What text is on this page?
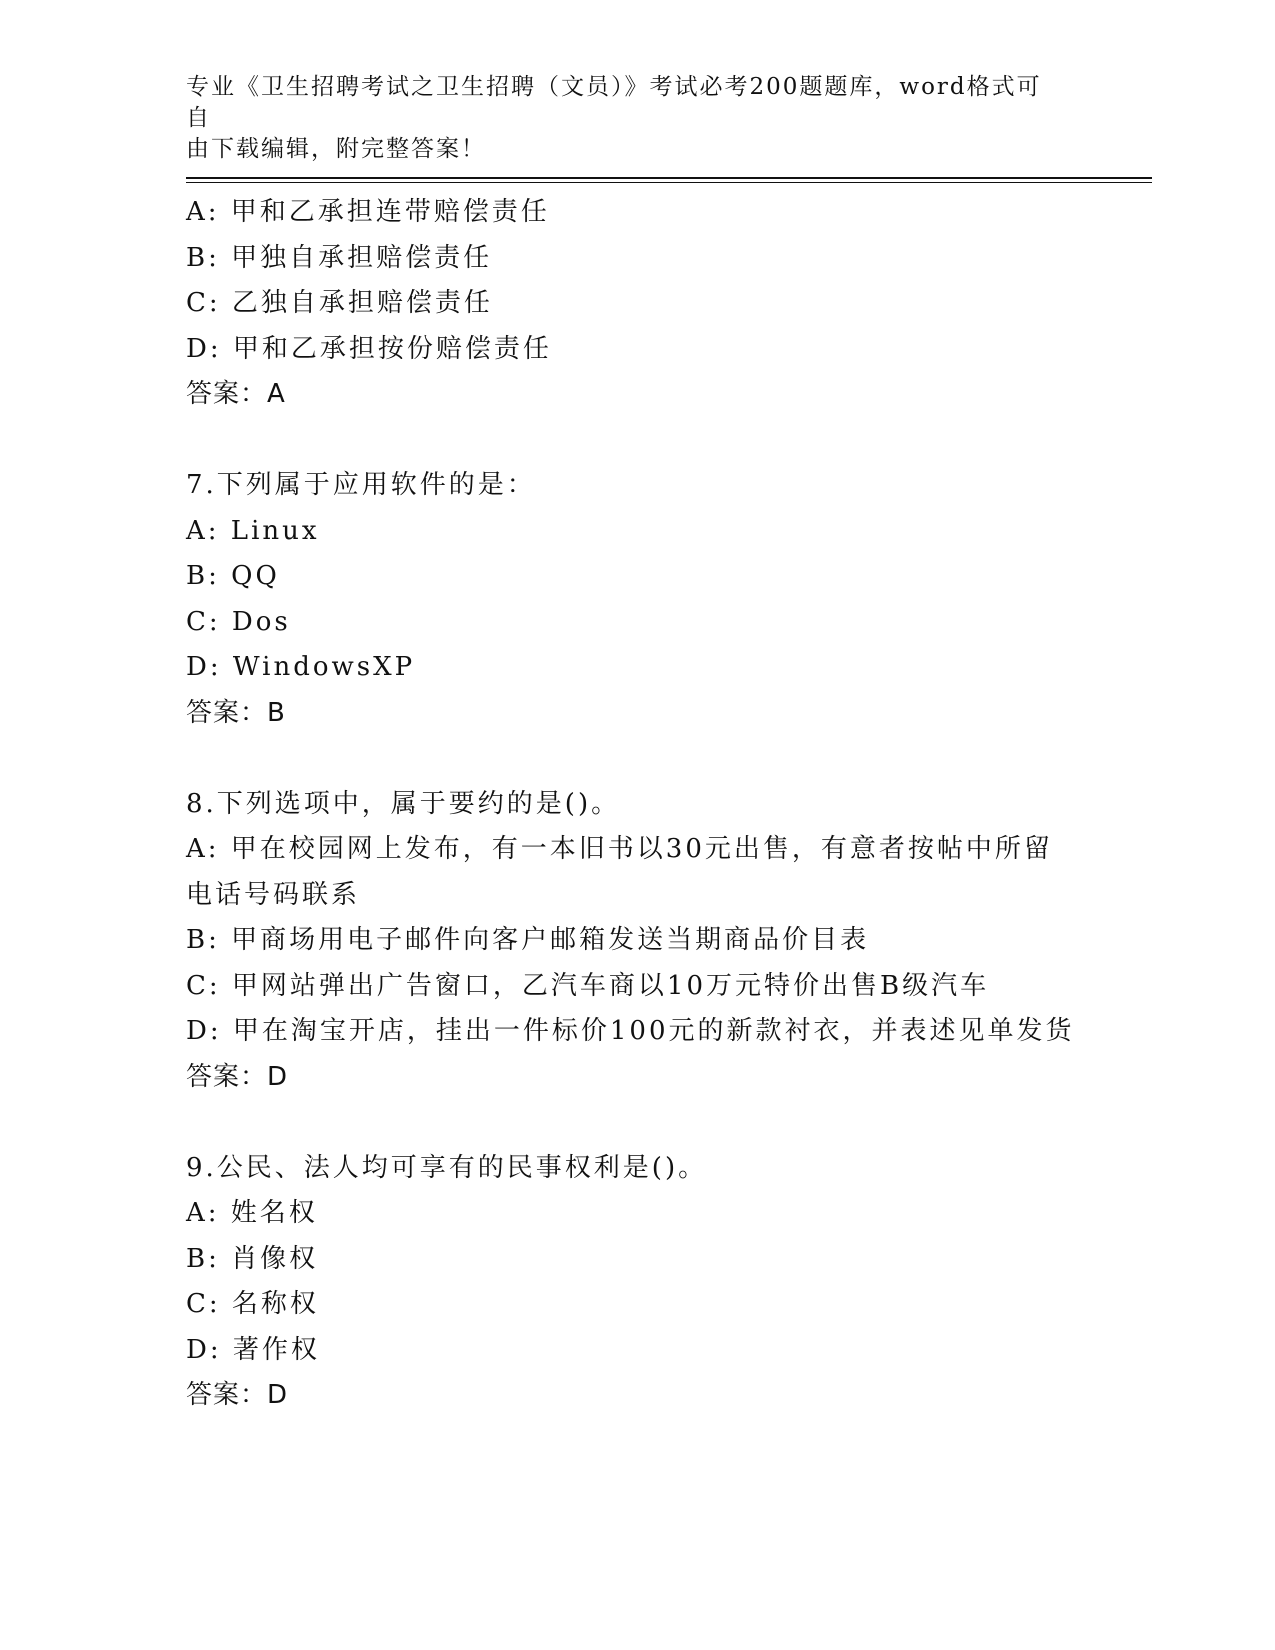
专业《卫生招聘考试之卫生招聘（文员）》考试必考200题题库，word格式可自
由下载编辑，附完整答案！
A: 甲和乙承担连带赔偿责任
B: 甲独自承担赔偿责任
C: 乙独自承担赔偿责任
D: 甲和乙承担按份赔偿责任
答案：A
7.下列属于应用软件的是：
A: Linux
B: QQ
C: Dos
D: WindowsXP
答案：B
8.下列选项中，属于要约的是()。
A: 甲在校园网上发布，有一本旧书以30元出售，有意者按帖中所留
电话号码联系
B: 甲商场用电子邮件向客户邮箱发送当期商品价目表
C: 甲网站弹出广告窗口，乙汽车商以10万元特价出售B级汽车
D: 甲在淘宝开店，挂出一件标价100元的新款衬衣，并表述见单发货
答案：D
9.公民、法人均可享有的民事权利是()。
A: 姓名权
B: 肖像权
C: 名称权
D: 著作权
答案：D
